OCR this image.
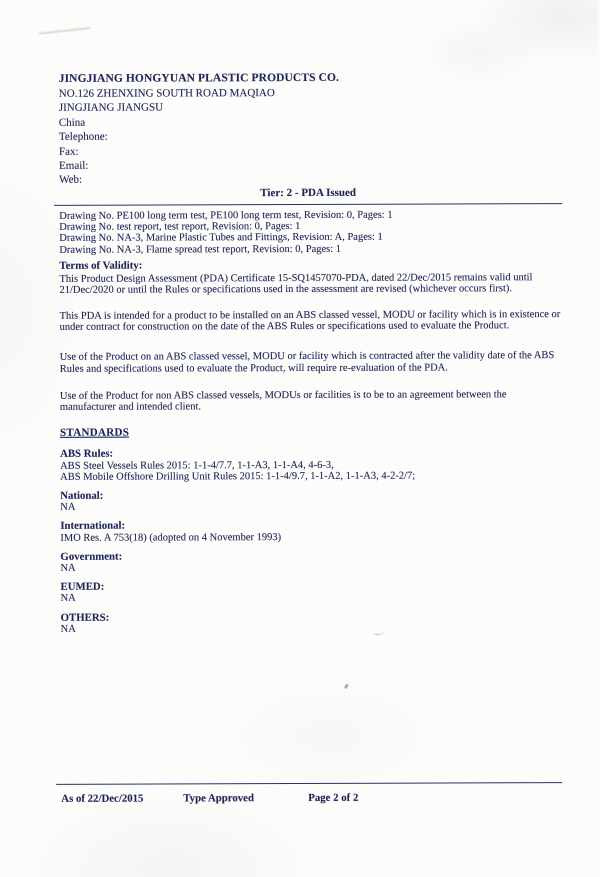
JINGJIANG HONGYUAN PLASTIC PRODUCTS CO.
NO.126 ZHENXING SOUTH ROAD MAQIAO
JINGJIANG JIANGSU
China
Telephone:
Fax:
Email:
Web:
Tier: 2 - PDA Issued
Drawing No. PE100 long term test, PE100 long term test, Revision: 0, Pages: 1
Drawing No. test report, test report, Revision: 0, Pages: 1
Drawing No. NA-3, Marine Plastic Tubes and Fittings, Revision: A, Pages: 1
Drawing No. NA-3, Flame spread test report, Revision: 0, Pages: 1
Terms of Validity:

This Product Design Assessment (PDA) Certificate 15-SQ1457070-PDA, dated 22/Dec/2015 remains valid until 21/Dec/2020 or until the Rules or specifications used in the assessment are revised (whichever occurs first).

This PDA is intended for a product to be installed on an ABS classed vessel, MODU or facility which is in existence or under contract for construction on the date of the ABS Rules or specifications used to evaluate the Product.

Use of the Product on an ABS classed vessel, MODU or facility which is contracted after the validity date of the ABS Rules and specifications used to evaluate the Product, will require re-evaluation of the PDA.

Use of the Product for non ABS classed vessels, MODUs or facilities is to be to an agreement between the manufacturer and intended client.

STANDARDS
ABS Rules:
ABS Steel Vessels Rules 2015: 1-1-4/7.7, 1-1-A3, 1-1-A4, 4-6-3,
ABS Mobile Offshore Drilling Unit Rules 2015: 1-1-4/9.7, 1-1-A2, 1-1-A3, 4-2-2/7;
National:
NA
International:
IMO Res. A 753(18) (adopted on 4 November 1993)
Government:
NA
EUMED:
NA
OTHERS:
NA
As of 22/Dec/2015	Type Approved	Page 2 of 2
